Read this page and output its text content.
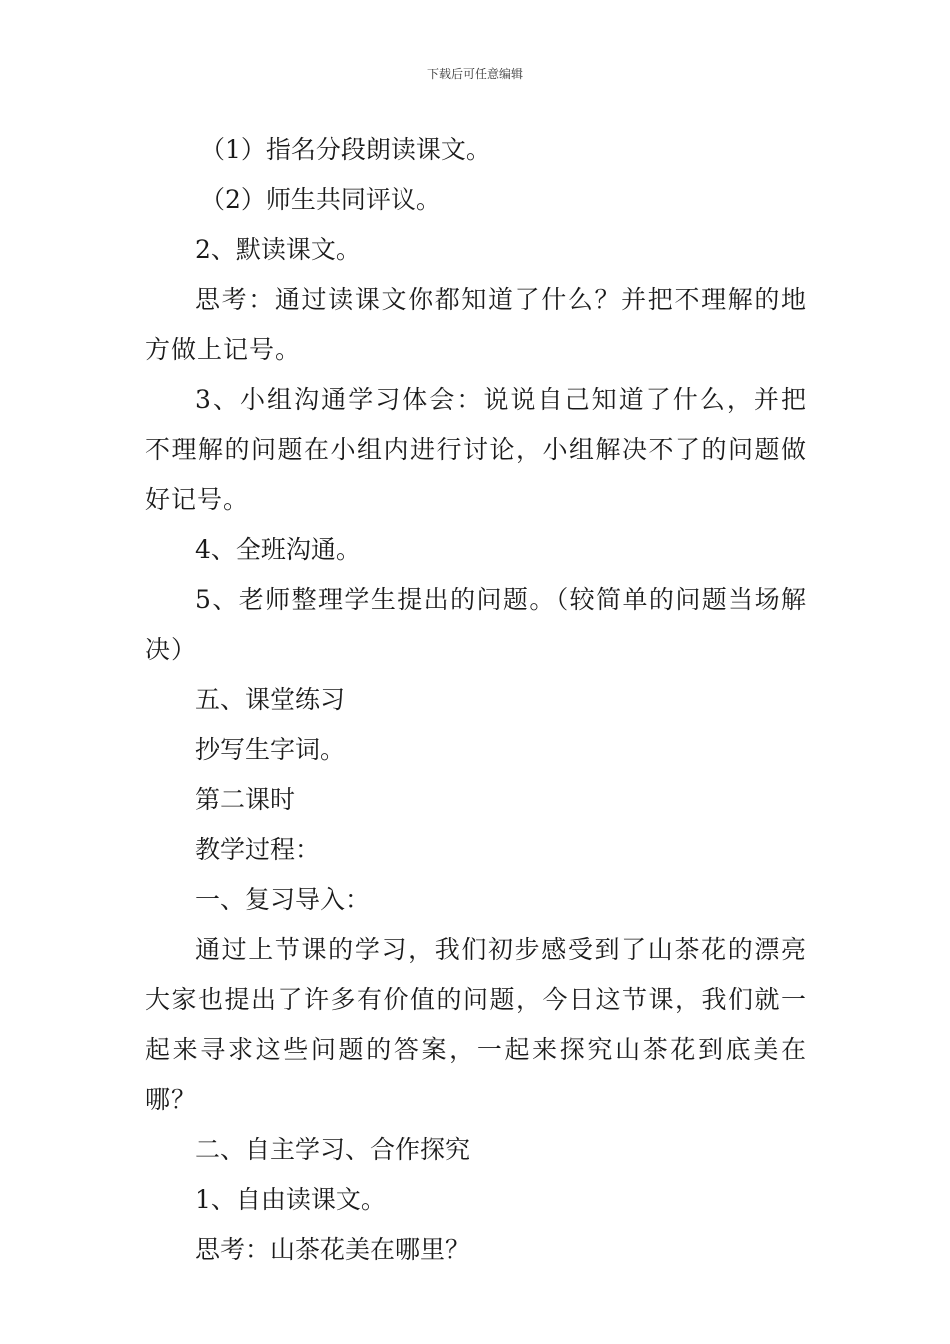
下载后可任意编辑

（1）指名分段朗读课文。

（2）师生共同评议。

2、默读课文。

思考：通过读课文你都知道了什么？并把不理解的地方做上记号。

3、小组沟通学习体会：说说自己知道了什么，并把不理解的问题在小组内进行讨论，小组解决不了的问题做好记号。

4、全班沟通。

5、老师整理学生提出的问题。（较简单的问题当场解决）

五、课堂练习

抄写生字词。

第二课时

教学过程：

一、复习导入：

通过上节课的学习，我们初步感受到了山茶花的漂亮大家也提出了许多有价值的问题，今日这节课，我们就一起来寻求这些问题的答案，一起来探究山茶花到底美在哪？

二、自主学习、合作探究

1、自由读课文。

思考：山茶花美在哪里？
